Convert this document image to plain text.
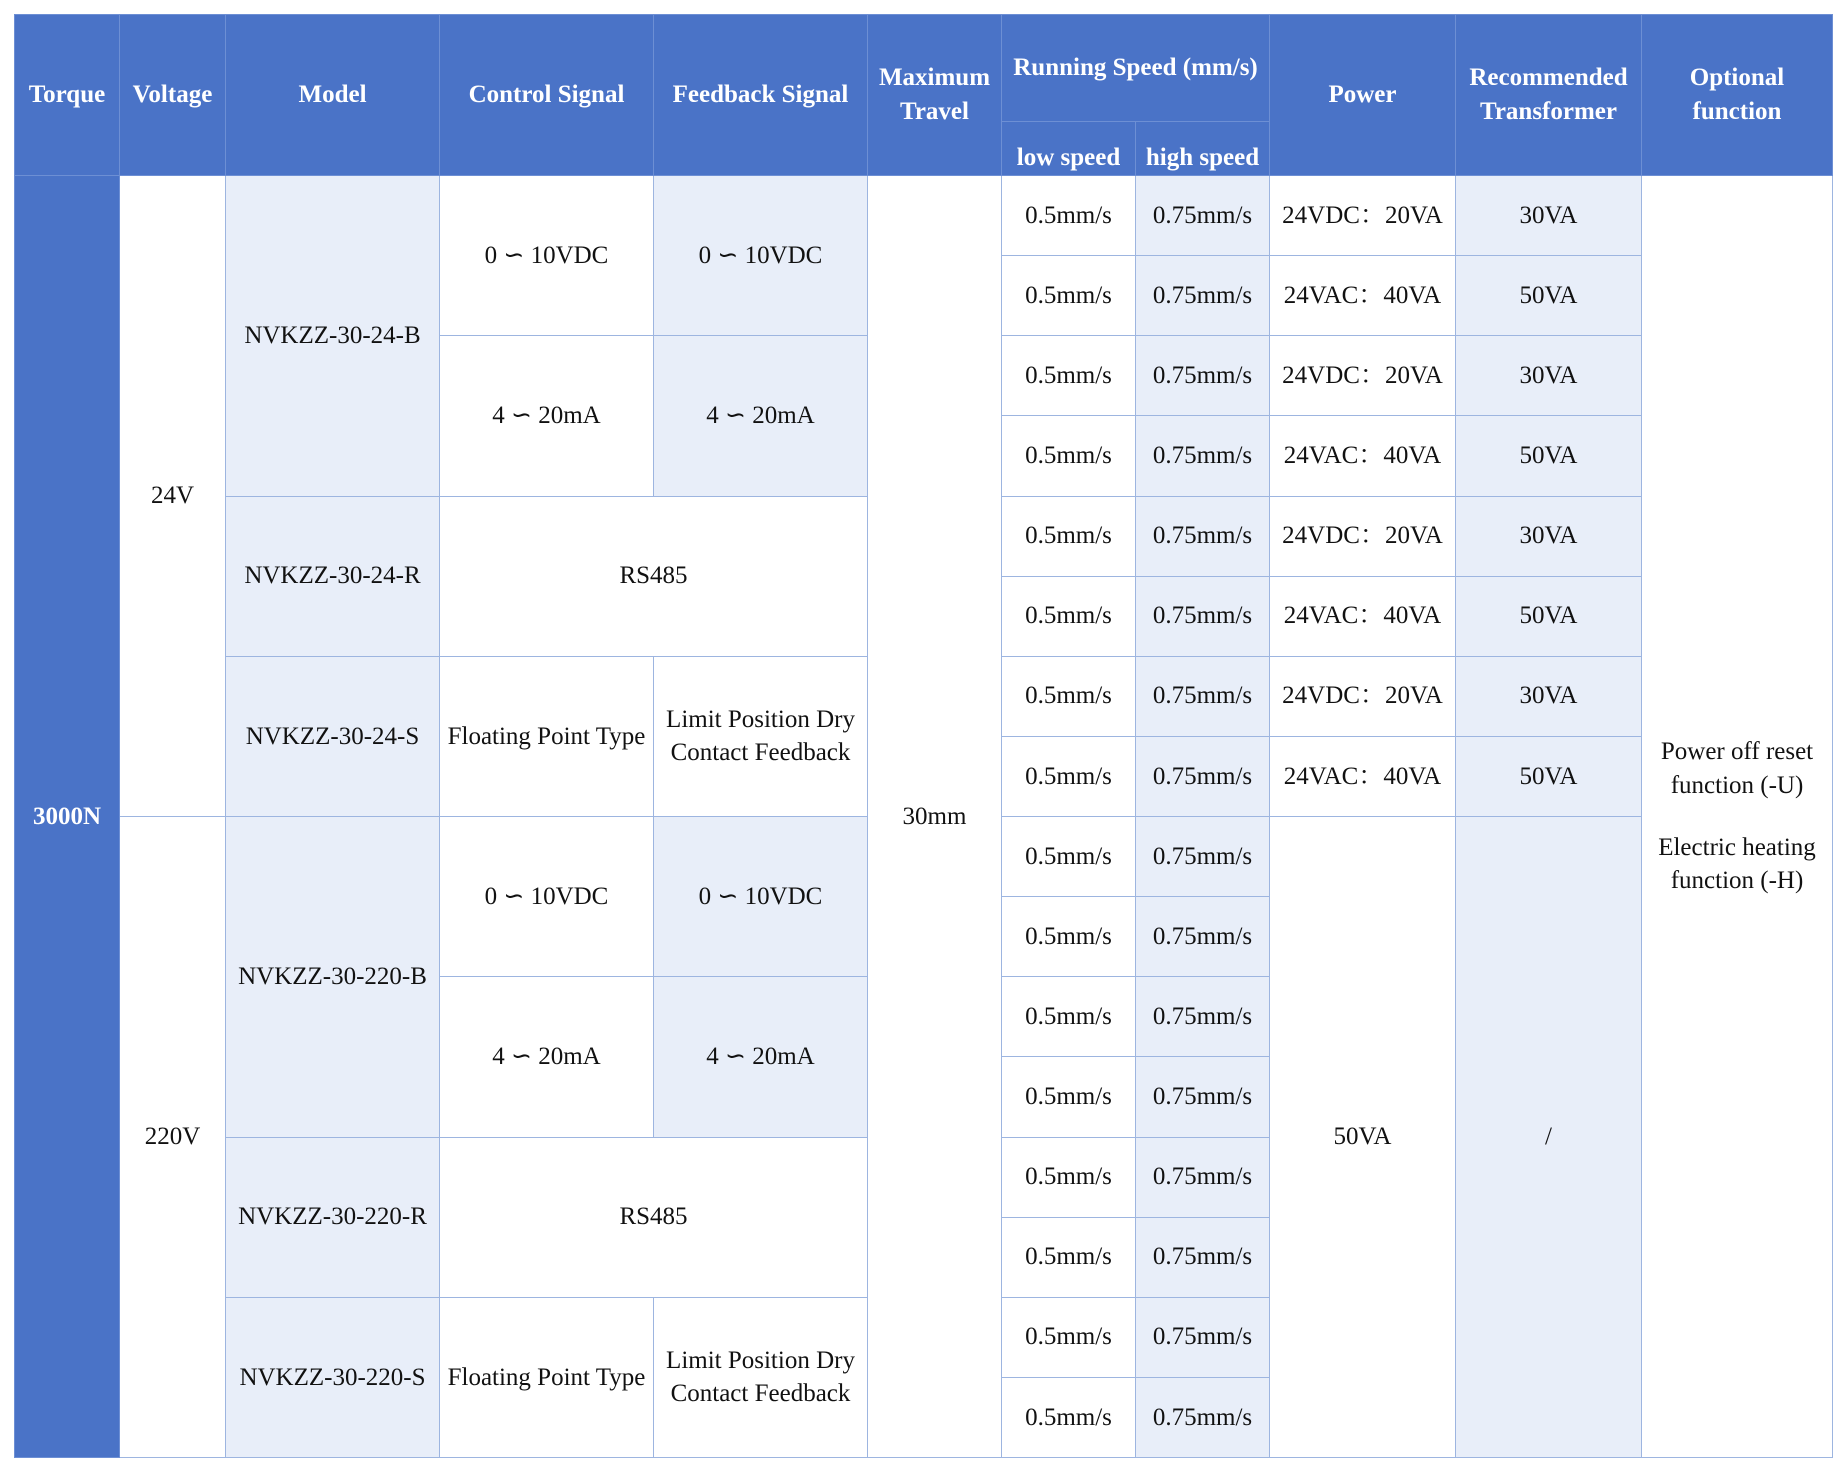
Torque	Voltage	Model	Control Signal	Feedback Signal	Maximum Travel	Running Speed (mm/s)		Power	Recommended Transformer	Optional function
						low speed	high speed			
3000N	24V	NVKZZ-30-24-B	0 ∽ 10VDC	0 ∽ 10VDC	30mm	0.5mm/s	0.75mm/s	24VDC：20VA	30VA	Power off reset function (-U)
Electric heating function (-H)

						0.5mm/s	0.75mm/s	24VAC：40VA	50VA	
			4 ∽ 20mA	4 ∽ 20mA		0.5mm/s	0.75mm/s	24VDC：20VA	30VA	
						0.5mm/s	0.75mm/s	24VAC：40VA	50VA	
		NVKZZ-30-24-R	RS485			0.5mm/s	0.75mm/s	24VDC：20VA	30VA	
						0.5mm/s	0.75mm/s	24VAC：40VA	50VA	
		NVKZZ-30-24-S	Floating Point Type	Limit Position Dry Contact Feedback		0.5mm/s	0.75mm/s	24VDC：20VA	30VA	
						0.5mm/s	0.75mm/s	24VAC：40VA	50VA	
	220V	NVKZZ-30-220-B	0 ∽ 10VDC	0 ∽ 10VDC		0.5mm/s	0.75mm/s	50VA	/	
						0.5mm/s	0.75mm/s			
			4 ∽ 20mA	4 ∽ 20mA		0.5mm/s	0.75mm/s			
						0.5mm/s	0.75mm/s			
		NVKZZ-30-220-R	RS485			0.5mm/s	0.75mm/s			
						0.5mm/s	0.75mm/s			
		NVKZZ-30-220-S	Floating Point Type	Limit Position Dry Contact Feedback		0.5mm/s	0.75mm/s			
						0.5mm/s	0.75mm/s			
